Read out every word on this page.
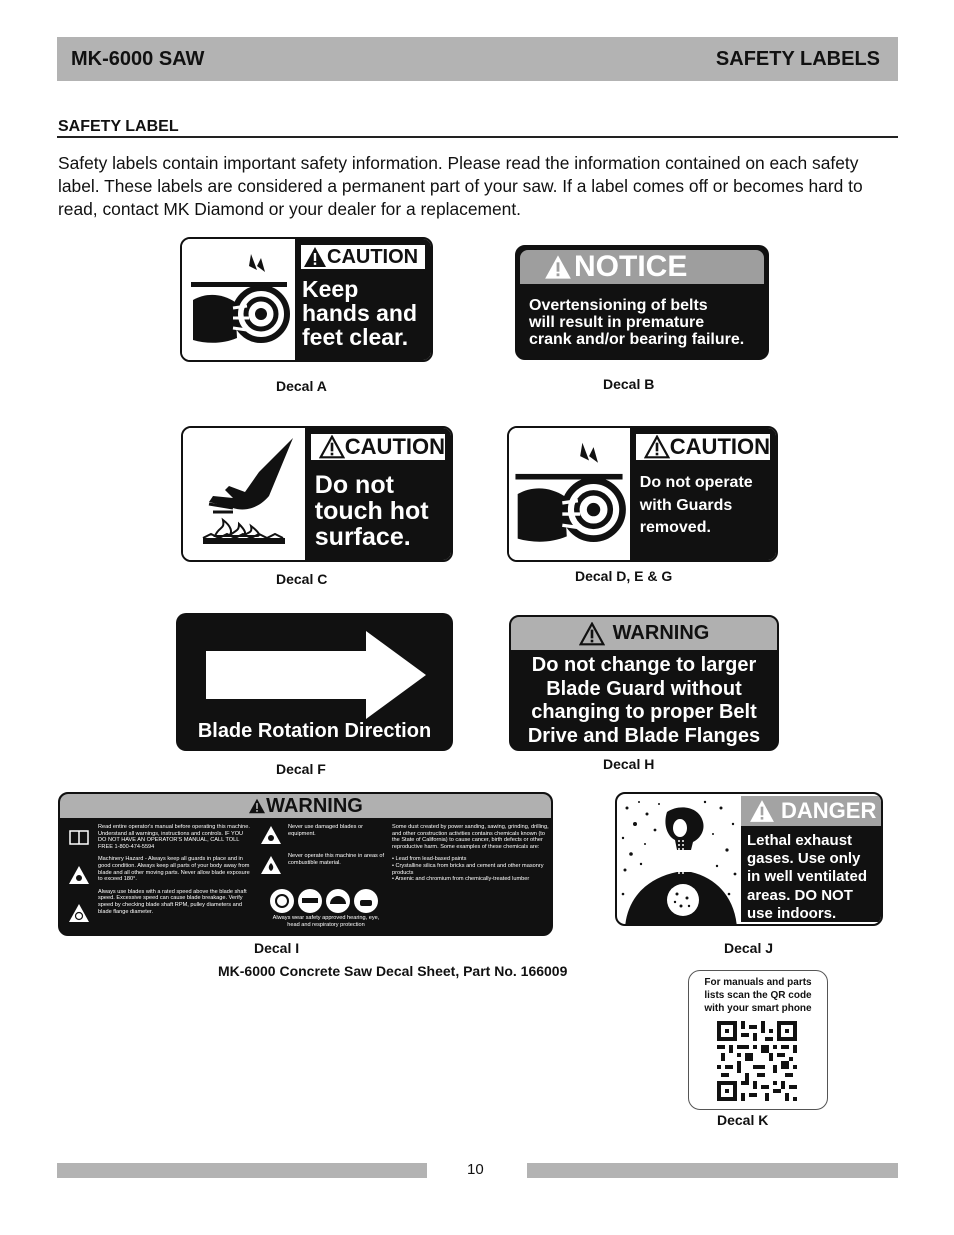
MK-6000 SAW	SAFETY LABELS
SAFETY LABEL
Safety labels contain important safety information. Please read the information contained on each safety label. These labels are considered a permanent part of your saw. If a label comes off or becomes hard to read, contact MK Diamond or your dealer for a replacement.
CAUTION
Keep
hands and
feet clear.
Decal A
NOTICE
Overtensioning of belts
will result in premature
crank and/or bearing failure.
Decal B
CAUTION
Do not
touch hot
surface.
Decal C
CAUTION
Do not operate
with Guards
removed.
Decal D, E & G
Blade Rotation Direction
Decal F
WARNING
Do not change to larger
Blade Guard without
changing to proper Belt
Drive and Blade Flanges
Decal H
WARNING

Read entire operator's manual before operating this machine. Understand all warnings, instructions and controls. IF YOU DO NOT HAVE AN OPERATOR'S MANUAL, CALL TOLL FREE 1-800-474-5594

Machinery Hazard - Always keep all guards in place and in good condition. Always keep all parts of your body away from blade and all other moving parts. Never allow blade exposure to exceed 180°.

Always use blades with a rated speed above the blade shaft speed. Excessive speed can cause blade breakage. Verify speed by checking blade shaft RPM, pulley diameters and blade flange diameter.

Never use damaged blades or equipment.

Never operate this machine in areas of combustible material.

Always wear safety approved hearing, eye, head and respiratory protection

Some dust created by power sanding, sawing, grinding, drilling, and other construction activities contains chemicals known (to the State of California) to cause cancer, birth defects or other reproductive harm. Some examples of these chemicals are:

• Lead from lead-based paints
• Crystalline silica from bricks and cement and other masonry products
• Arsenic and chromium from chemically-treated lumber
Decal I
DANGER
Lethal exhaust
gases. Use only
in well ventilated
areas. DO NOT
use indoors.
Decal J
MK-6000 Concrete Saw Decal Sheet, Part No. 166009
For manuals and parts
lists scan the QR code
with your smart phone
Decal K
10
